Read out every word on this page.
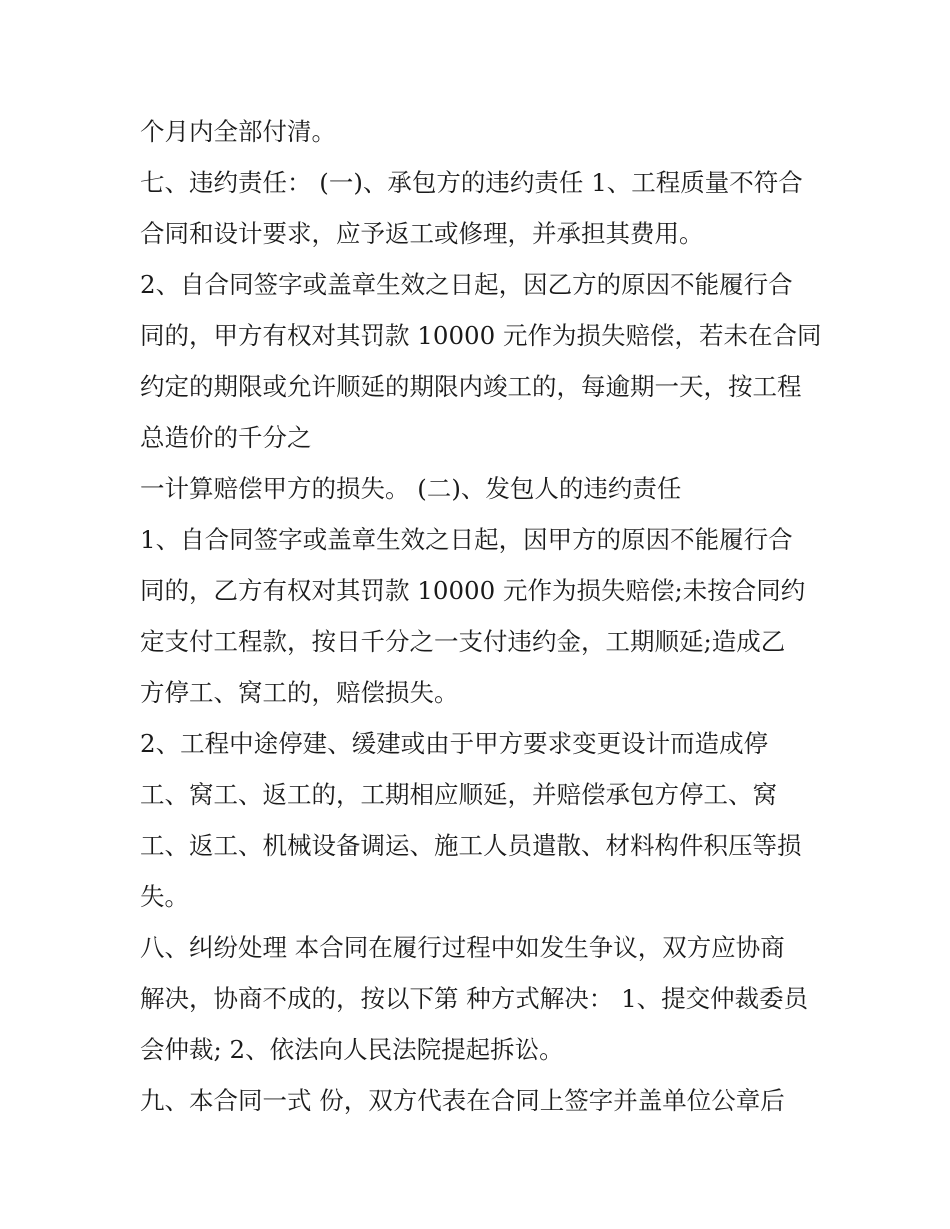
个月内全部付清。
七、违约责任： (一)、承包方的违约责任 1、工程质量不符合
合同和设计要求，应予返工或修理，并承担其费用。
2、自合同签字或盖章生效之日起，因乙方的原因不能履行合
同的，甲方有权对其罚款 10000 元作为损失赔偿，若未在合同
约定的期限或允许顺延的期限内竣工的，每逾期一天，按工程
总造价的千分之
一计算赔偿甲方的损失。 (二)、发包人的违约责任
1、自合同签字或盖章生效之日起，因甲方的原因不能履行合
同的，乙方有权对其罚款 10000 元作为损失赔偿;未按合同约
定支付工程款，按日千分之一支付违约金，工期顺延;造成乙
方停工、窝工的，赔偿损失。
2、工程中途停建、缓建或由于甲方要求变更设计而造成停
工、窝工、返工的，工期相应顺延，并赔偿承包方停工、窝
工、返工、机械设备调运、施工人员遣散、材料构件积压等损
失。
八、纠纷处理 本合同在履行过程中如发生争议，双方应协商
解决，协商不成的，按以下第 种方式解决： 1、提交仲裁委员
会仲裁; 2、依法向人民法院提起拆讼。
九、本合同一式 份，双方代表在合同上签字并盖单位公章后
